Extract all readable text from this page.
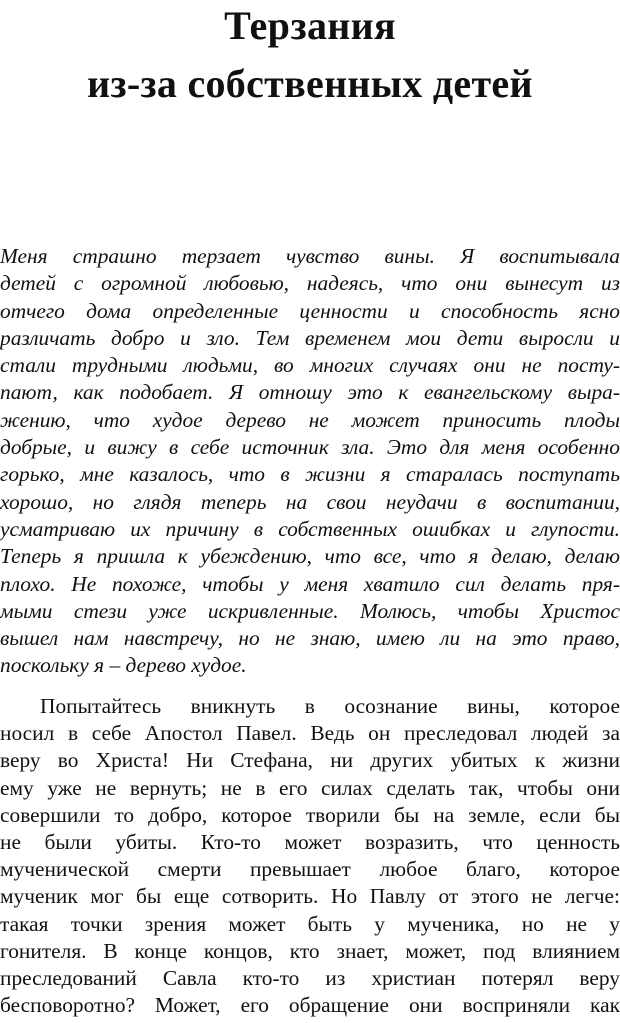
Терзания
из-за собственных детей
Меня страшно терзает чувство вины. Я воспитывала
детей с огромной любовью, надеясь, что они вынесут из
отчего дома определенные ценности и способность ясно
различать добро и зло. Тем временем мои дети выросли и
стали трудными людьми, во многих случаях они не посту-
пают, как подобает. Я отношу это к евангельскому выра-
жению, что худое дерево не может приносить плоды
добрые, и вижу в себе источник зла. Это для меня особенно
горько, мне казалось, что в жизни я старалась поступать
хорошо, но глядя теперь на свои неудачи в воспитании,
усматриваю их причину в собственных ошибках и глупости.
Теперь я пришла к убеждению, что все, что я делаю, делаю
плохо. Не похоже, чтобы у меня хватило сил делать пря-
мыми стези уже искривленные. Молюсь, чтобы Христос
вышел нам навстречу, но не знаю, имею ли на это право,
поскольку я – дерево худое.
Попытайтесь вникнуть в осознание вины, которое
носил в себе Апостол Павел. Ведь он преследовал людей за
веру во Христа! Ни Стефана, ни других убитых к жизни
ему уже не вернуть; не в его силах сделать так, чтобы они
совершили то добро, которое творили бы на земле, если бы
не были убиты. Кто-то может возразить, что ценность
мученической смерти превышает любое благо, которое
мученик мог бы еще сотворить. Но Павлу от этого не легче:
такая точки зрения может быть у мученика, но не у
гонителя. В конце концов, кто знает, может, под влиянием
преследований Савла кто-то из христиан потерял веру
бесповоротно? Может, его обращение они восприняли как
